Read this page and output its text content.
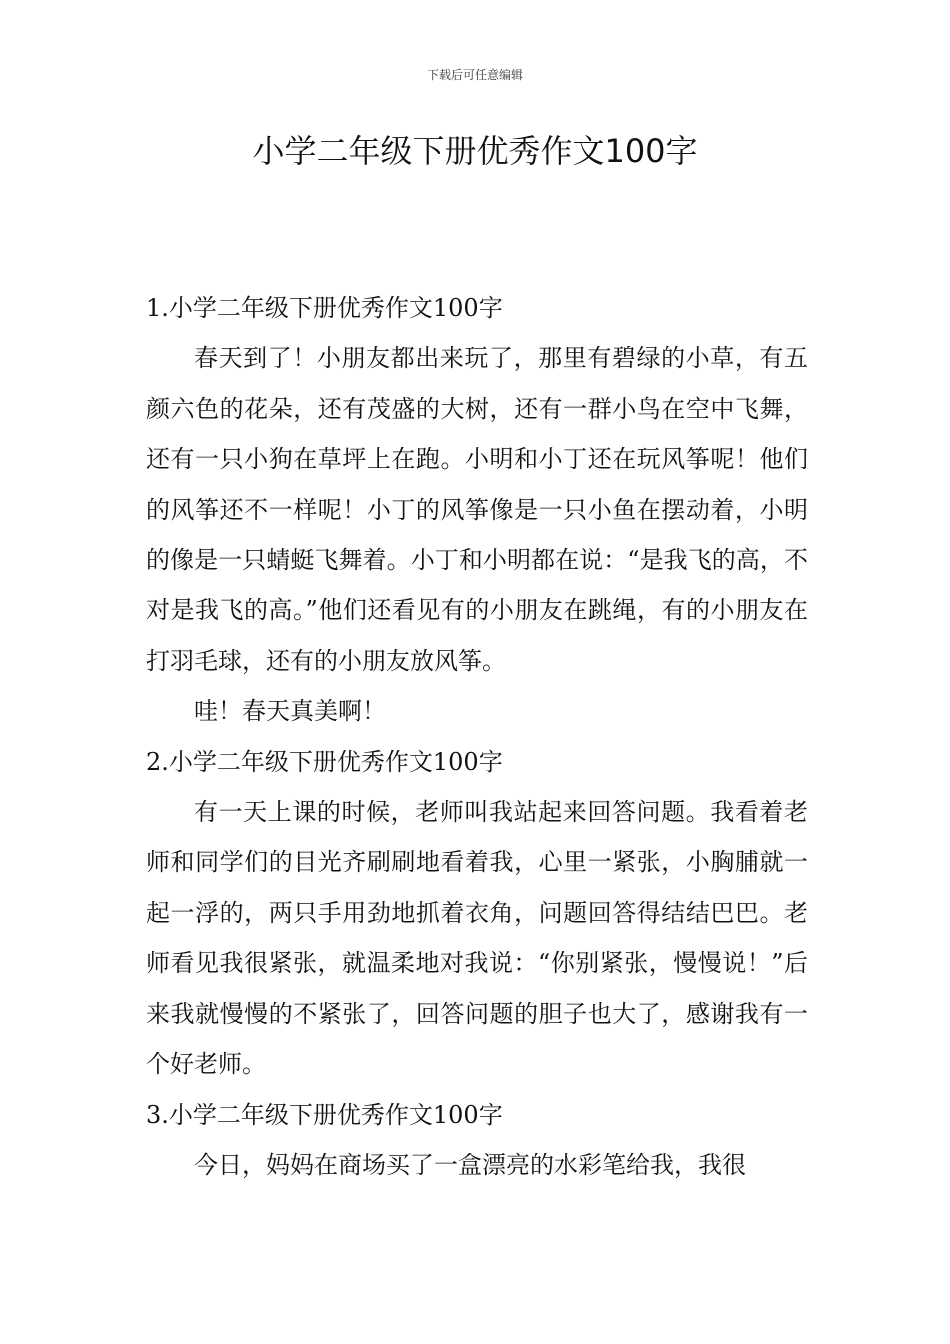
下载后可任意编辑
小学二年级下册优秀作文100字

1.小学二年级下册优秀作文100字

春天到了！小朋友都出来玩了，那里有碧绿的小草，有五颜六色的花朵，还有茂盛的大树，还有一群小鸟在空中飞舞，还有一只小狗在草坪上在跑。小明和小丁还在玩风筝呢！他们的风筝还不一样呢！小丁的风筝像是一只小鱼在摆动着，小明的像是一只蜻蜓飞舞着。小丁和小明都在说：“是我飞的高，不对是我飞的高。”他们还看见有的小朋友在跳绳，有的小朋友在打羽毛球，还有的小朋友放风筝。

哇！春天真美啊！

2.小学二年级下册优秀作文100字

有一天上课的时候，老师叫我站起来回答问题。我看着老师和同学们的目光齐刷刷地看着我，心里一紧张，小胸脯就一起一浮的，两只手用劲地抓着衣角，问题回答得结结巴巴。老师看见我很紧张，就温柔地对我说：“你别紧张，慢慢说！”后来我就慢慢的不紧张了，回答问题的胆子也大了，感谢我有一个好老师。

3.小学二年级下册优秀作文100字

今日，妈妈在商场买了一盒漂亮的水彩笔给我，我很
